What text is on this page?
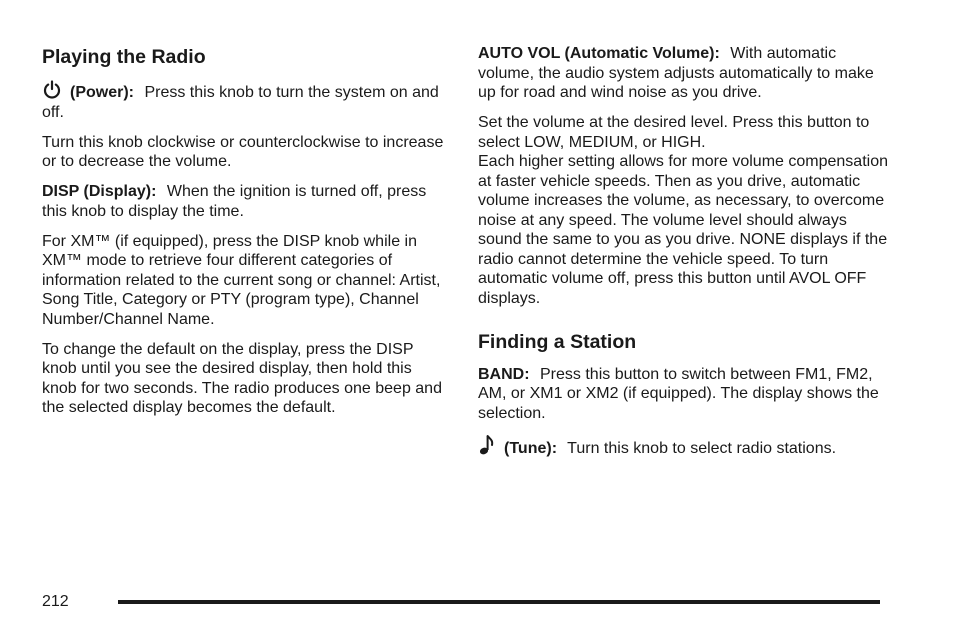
Playing the Radio

(Power): Press this knob to turn the system on and off.

Turn this knob clockwise or counterclockwise to increase or to decrease the volume.

DISP (Display): When the ignition is turned off, press this knob to display the time.

For XM™ (if equipped), press the DISP knob while in XM™ mode to retrieve four different categories of information related to the current song or channel: Artist, Song Title, Category or PTY (program type), Channel Number/Channel Name.

To change the default on the display, press the DISP knob until you see the desired display, then hold this knob for two seconds. The radio produces one beep and the selected display becomes the default.

AUTO VOL (Automatic Volume): With automatic volume, the audio system adjusts automatically to make up for road and wind noise as you drive.

Set the volume at the desired level. Press this button to select LOW, MEDIUM, or HIGH.

Each higher setting allows for more volume compensation at faster vehicle speeds. Then as you drive, automatic volume increases the volume, as necessary, to overcome noise at any speed. The volume level should always sound the same to you as you drive. NONE displays if the radio cannot determine the vehicle speed. To turn automatic volume off, press this button until AVOL OFF displays.

Finding a Station

BAND: Press this button to switch between FM1, FM2, AM, or XM1 or XM2 (if equipped). The display shows the selection.

(Tune): Turn this knob to select radio stations.

212
